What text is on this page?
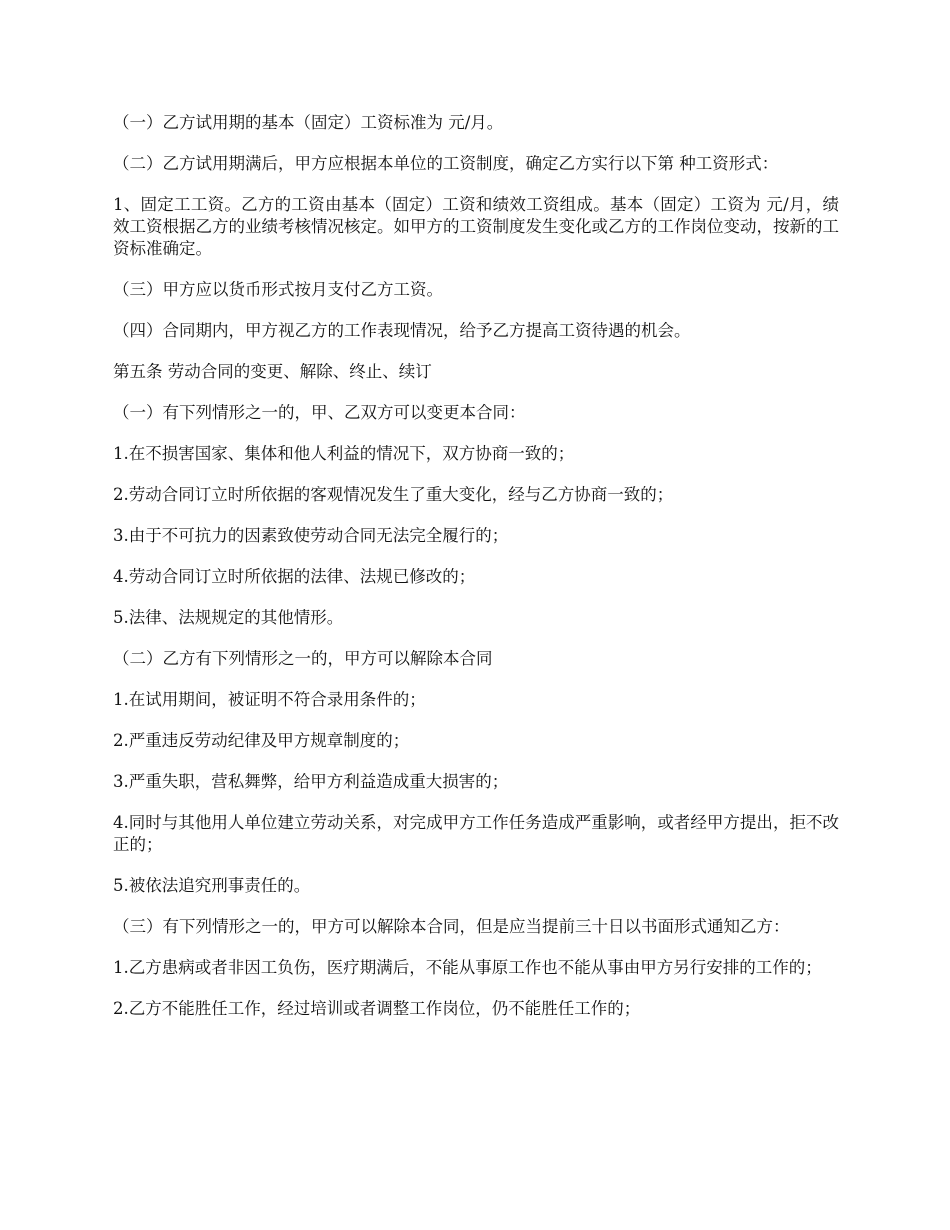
（一）乙方试用期的基本（固定）工资标准为 元/月。

（二）乙方试用期满后，甲方应根据本单位的工资制度，确定乙方实行以下第 种工资形式：

1、固定工工资。乙方的工资由基本（固定）工资和绩效工资组成。基本（固定）工资为 元/月，绩效工资根据乙方的业绩考核情况核定。如甲方的工资制度发生变化或乙方的工作岗位变动，按新的工资标准确定。

（三）甲方应以货币形式按月支付乙方工资。

（四）合同期内，甲方视乙方的工作表现情况，给予乙方提高工资待遇的机会。

第五条 劳动合同的变更、解除、终止、续订

（一）有下列情形之一的，甲、乙双方可以变更本合同：

1.在不损害国家、集体和他人利益的情况下，双方协商一致的；

2.劳动合同订立时所依据的客观情况发生了重大变化，经与乙方协商一致的；

3.由于不可抗力的因素致使劳动合同无法完全履行的；

4.劳动合同订立时所依据的法律、法规已修改的；

5.法律、法规规定的其他情形。

（二）乙方有下列情形之一的，甲方可以解除本合同

1.在试用期间，被证明不符合录用条件的；

2.严重违反劳动纪律及甲方规章制度的；

3.严重失职，营私舞弊，给甲方利益造成重大损害的；

4.同时与其他用人单位建立劳动关系，对完成甲方工作任务造成严重影响，或者经甲方提出，拒不改正的；

5.被依法追究刑事责任的。

（三）有下列情形之一的，甲方可以解除本合同，但是应当提前三十日以书面形式通知乙方：

1.乙方患病或者非因工负伤，医疗期满后，不能从事原工作也不能从事由甲方另行安排的工作的；

2.乙方不能胜任工作，经过培训或者调整工作岗位，仍不能胜任工作的；
